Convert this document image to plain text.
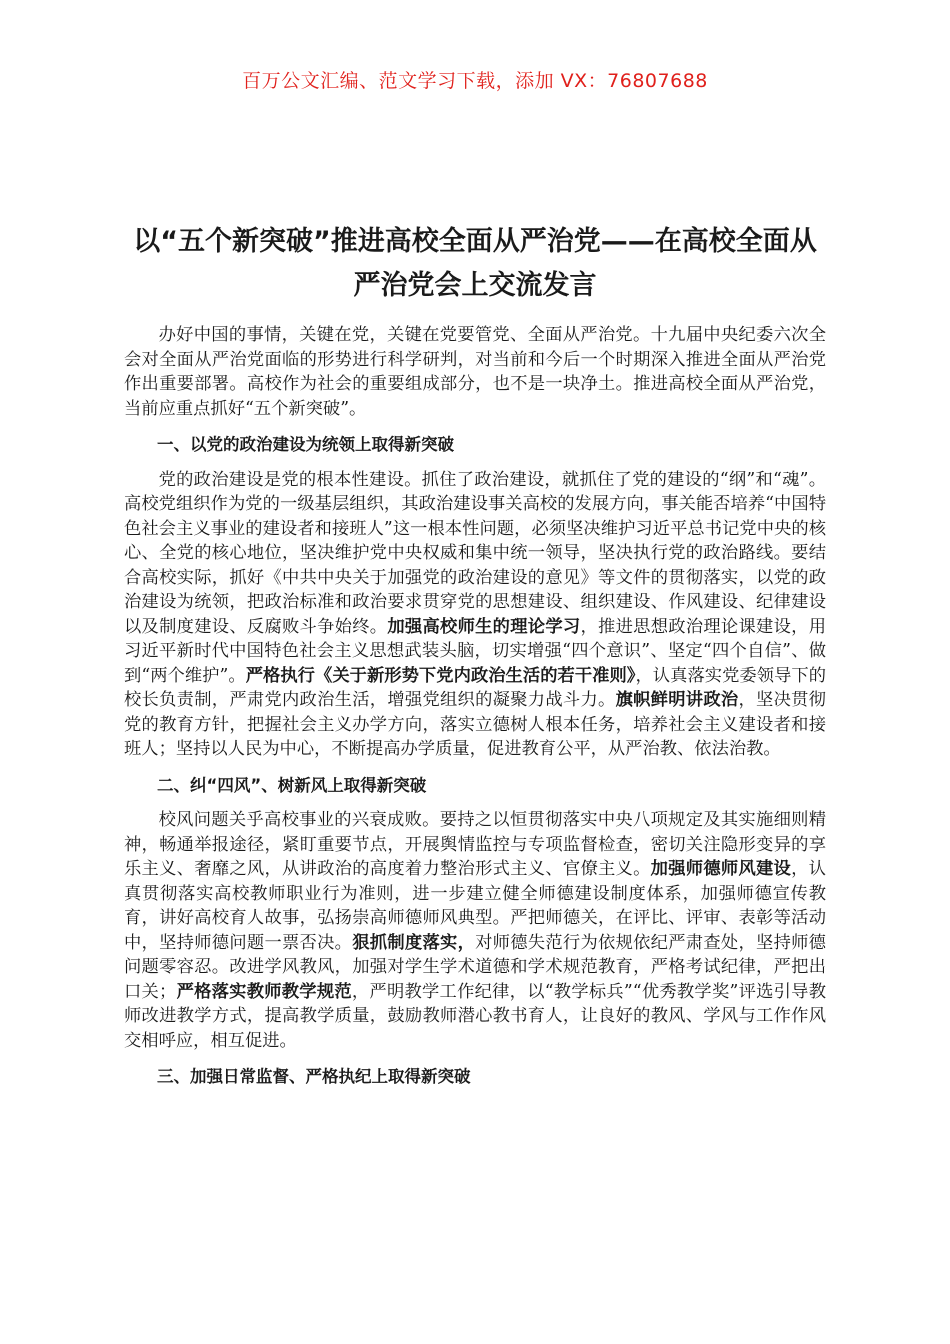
百万公文汇编、范文学习下载，添加 VX：76807688
以“五个新突破”推进高校全面从严治党——在高校全面从严治党会上交流发言

办好中国的事情，关键在党，关键在党要管党、全面从严治党。十九届中央纪委六次全会对全面从严治党面临的形势进行科学研判，对当前和今后一个时期深入推进全面从严治党作出重要部署。高校作为社会的重要组成部分，也不是一块净土。推进高校全面从严治党，当前应重点抓好“五个新突破”。

一、以党的政治建设为统领上取得新突破

党的政治建设是党的根本性建设。抓住了政治建设，就抓住了党的建设的“纲”和“魂”。高校党组织作为党的一级基层组织，其政治建设事关高校的发展方向，事关能否培养“中国特色社会主义事业的建设者和接班人”这一根本性问题，必须坚决维护习近平总书记党中央的核心、全党的核心地位，坚决维护党中央权威和集中统一领导，坚决执行党的政治路线。要结合高校实际，抓好《中共中央关于加强党的政治建设的意见》等文件的贯彻落实，以党的政治建设为统领，把政治标准和政治要求贯穿党的思想建设、组织建设、作风建设、纪律建设以及制度建设、反腐败斗争始终。加强高校师生的理论学习，推进思想政治理论课建设，用习近平新时代中国特色社会主义思想武装头脑，切实增强“四个意识”、坚定“四个自信”、做到“两个维护”。严格执行《关于新形势下党内政治生活的若干准则》，认真落实党委领导下的校长负责制，严肃党内政治生活，增强党组织的凝聚力战斗力。旗帜鲜明讲政治，坚决贯彻党的教育方针，把握社会主义办学方向，落实立德树人根本任务，培养社会主义建设者和接班人；坚持以人民为中心，不断提高办学质量，促进教育公平，从严治教、依法治教。

二、纠“四风”、树新风上取得新突破

校风问题关乎高校事业的兴衰成败。要持之以恒贯彻落实中央八项规定及其实施细则精神，畅通举报途径，紧盯重要节点，开展舆情监控与专项监督检查，密切关注隐形变异的享乐主义、奢靡之风，从讲政治的高度着力整治形式主义、官僚主义。加强师德师风建设，认真贯彻落实高校教师职业行为准则，进一步建立健全师德建设制度体系，加强师德宣传教育，讲好高校育人故事，弘扬崇高师德师风典型。严把师德关，在评比、评审、表彰等活动中，坚持师德问题一票否决。狠抓制度落实，对师德失范行为依规依纪严肃查处，坚持师德问题零容忍。改进学风教风，加强对学生学术道德和学术规范教育，严格考试纪律，严把出口关；严格落实教师教学规范，严明教学工作纪律，以“教学标兵”“优秀教学奖”评选引导教师改进教学方式，提高教学质量，鼓励教师潜心教书育人，让良好的教风、学风与工作作风交相呼应，相互促进。

三、加强日常监督、严格执纪上取得新突破
